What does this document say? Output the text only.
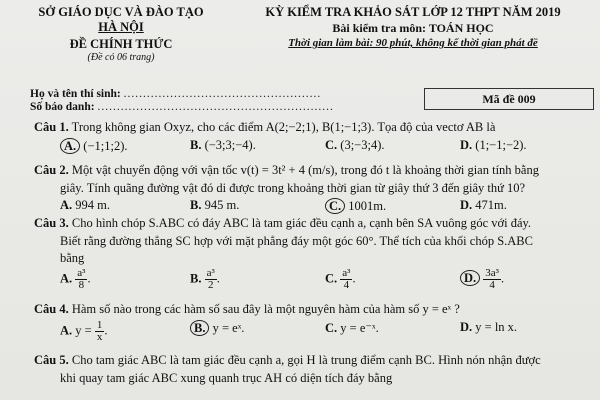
SỞ GIÁO DỤC VÀ ĐÀO TẠO
HÀ NỘI
ĐỀ CHÍNH THỨC
(Đề có 06 trang)
KỲ KIỂM TRA KHẢO SÁT LỚP 12 THPT NĂM 2019
Bài kiểm tra môn: TOÁN HỌC
Thời gian làm bài: 90 phút, không kể thời gian phát đề
Họ và tên thí sinh: ...................................................
Số báo danh: .............................................................
Mã đề 009
Câu 1. Trong không gian Oxyz, cho các điểm A(2;−2;1), B(1;−1;3). Tọa độ của vectơ AB là
A. (−1;1;2).	B. (−3;3;−4).	C. (3;−3;4).	D. (1;−1;−2).
Câu 2. Một vật chuyển động với vận tốc v(t) = 3t² + 4 (m/s), trong đó t là khoảng thời gian tính bằng
giây. Tính quãng đường vật đó di được trong khoảng thời gian từ giây thứ 3 đến giây thứ 10?
A. 994 m.	B. 945 m.	C. 1001m.	D. 471m.
Câu 3. Cho hình chóp S.ABC có đáy ABC là tam giác đều cạnh a, cạnh bên SA vuông góc với đáy.
Biết rằng đường thẳng SC hợp với mặt phẳng đáy một góc 60°. Thể tích của khối chóp S.ABC
bằng
A. $\frac{\text{a³}}{8}$ .	B. $\frac{\text{a³}}{2}$ .	C. $\frac{\text{a³}}{4}$ .	D. $\frac{\text{3a³}}{4}$ .
Câu 4. Hàm số nào trong các hàm số sau đây là một nguyên hàm của hàm số y = eˣ ?
A. $y = \frac{1}{x}$ .	B. y = eˣ.	C. y = e⁻ˣ.	D. y = ln x.
Câu 5. Cho tam giác ABC là tam giác đều cạnh a, gọi H là trung điểm cạnh BC. Hình nón nhận được
khi quay tam giác ABC xung quanh trục AH có diện tích đáy bằng
